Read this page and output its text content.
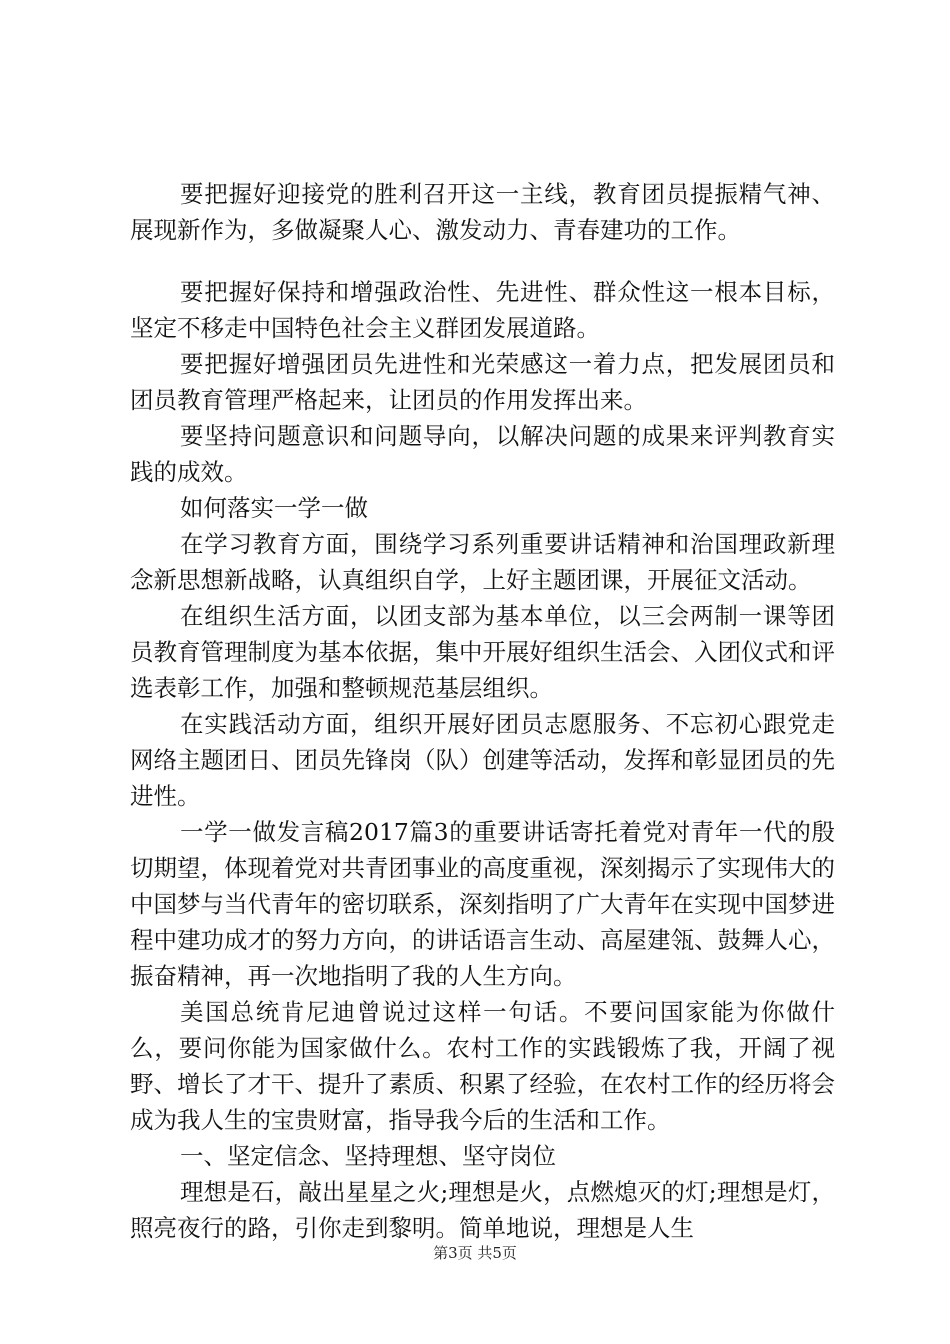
要把握好迎接党的胜利召开这一主线，教育团员提振精气神、展现新作为，多做凝聚人心、激发动力、青春建功的工作。

要把握好保持和增强政治性、先进性、群众性这一根本目标，坚定不移走中国特色社会主义群团发展道路。

要把握好增强团员先进性和光荣感这一着力点，把发展团员和团员教育管理严格起来，让团员的作用发挥出来。

要坚持问题意识和问题导向，以解决问题的成果来评判教育实践的成效。

如何落实一学一做

在学习教育方面，围绕学习系列重要讲话精神和治国理政新理念新思想新战略，认真组织自学，上好主题团课，开展征文活动。

在组织生活方面，以团支部为基本单位，以三会两制一课等团员教育管理制度为基本依据，集中开展好组织生活会、入团仪式和评选表彰工作，加强和整顿规范基层组织。

在实践活动方面，组织开展好团员志愿服务、不忘初心跟党走网络主题团日、团员先锋岗（队）创建等活动，发挥和彰显团员的先进性。

一学一做发言稿2017篇3的重要讲话寄托着党对青年一代的殷切期望，体现着党对共青团事业的高度重视，深刻揭示了实现伟大的中国梦与当代青年的密切联系，深刻指明了广大青年在实现中国梦进程中建功成才的努力方向，的讲话语言生动、高屋建瓴、鼓舞人心，振奋精神，再一次地指明了我的人生方向。

美国总统肯尼迪曾说过这样一句话。不要问国家能为你做什么，要问你能为国家做什么。农村工作的实践锻炼了我，开阔了视野、增长了才干、提升了素质、积累了经验，在农村工作的经历将会成为我人生的宝贵财富，指导我今后的生活和工作。

一、坚定信念、坚持理想、坚守岗位

理想是石，敲出星星之火;理想是火，点燃熄灭的灯;理想是灯，照亮夜行的路，引你走到黎明。简单地说，理想是人生

第3页 共5页
